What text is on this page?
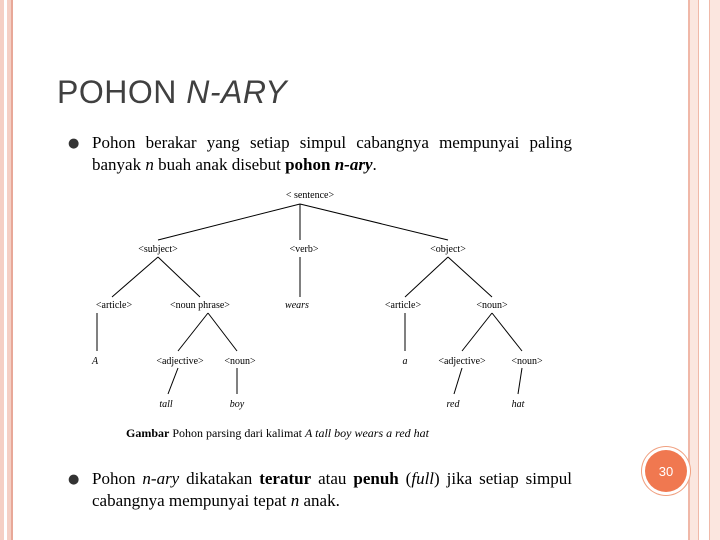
POHON N-ARY
● Pohon berakar yang setiap simpul cabangnya mempunyai paling banyak n buah anak disebut pohon n-ary.
< sentence>
<subject>	<verb>	<object>
<article>	<noun phrase>	wears	<article>	<noun>
A	<adjective> <noun>	a	<adjective>	<noun>
tall	boy	red	hat
Gambar Pohon parsing dari kalimat A tall boy wears a red hat
● Pohon n-ary dikatakan teratur atau penuh (full) jika setiap simpul cabangnya mempunyai tepat n anak.
30
